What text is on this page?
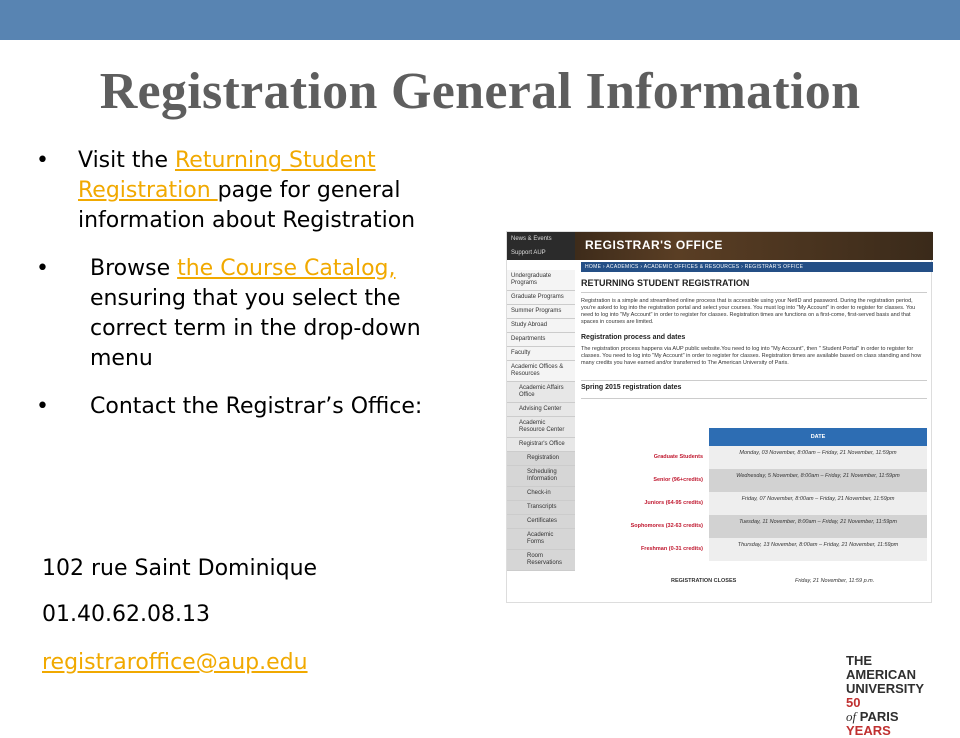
Registration General Information
• Visit the Returning Student Registration page for general information about Registration
• Browse the Course Catalog, ensuring that you select the correct term in the drop-down menu
• Contact the Registrar’s Office:
102 rue Saint Dominique
01.40.62.08.13
registraroffice@aup.edu
News & Events
Support AUP
REGISTRAR'S OFFICE
Undergraduate Programs
Graduate Programs
Summer Programs
Study Abroad
Departments
Faculty
Academic Offices & Resources
Academic Affairs Office
Advising Center
Academic Resource Center
Registrar's Office
Registration
Scheduling Information
Check-in
Transcripts
Certificates
Academic Forms
Room Reservations
HOME › ACADEMICS › ACADEMIC OFFICES & RESOURCES › REGISTRAR'S OFFICE
RETURNING STUDENT REGISTRATION
Registration is a simple and streamlined online process that is accessible using your NetID and password. During the registration period, you're asked to log into the registration portal and select your courses. You must log into "My Account" in order to register for classes. You need to log into "My Account" in order to register for classes. Registration times are functions on a first-come, first-served basis and that spaces in courses are limited.
Registration process and dates
The registration process happens via AUP public website.You need to log into "My Account", then " Student Portal" in order to register for classes. You need to log into "My Account" in order to register for classes. Registration times are available based on class standing and how many credits you have earned and/or transferred to The American University of Paris.
Spring 2015 registration dates
DATE
Graduate Students
Monday, 03 November, 8:00am – Friday, 21 November, 11:59pm
Senior (96+credits)
Wednesday, 5 November, 8:00am – Friday, 21 November, 11:59pm
Juniors (64-95 credits)
Friday, 07 November, 8:00am – Friday, 21 November, 11:59pm
Sophomores (32-63 credits)
Tuesday, 11 November, 8:00am – Friday, 21 November, 11:59pm
Freshman (0-31 credits)
Thursday, 13 November, 8:00am – Friday, 21 November, 11:59pm
REGISTRATION CLOSES	Friday, 21 November, 11:59 p.m.
THE AMERICAN
UNIVERSITY 50
of PARIS YEARS
